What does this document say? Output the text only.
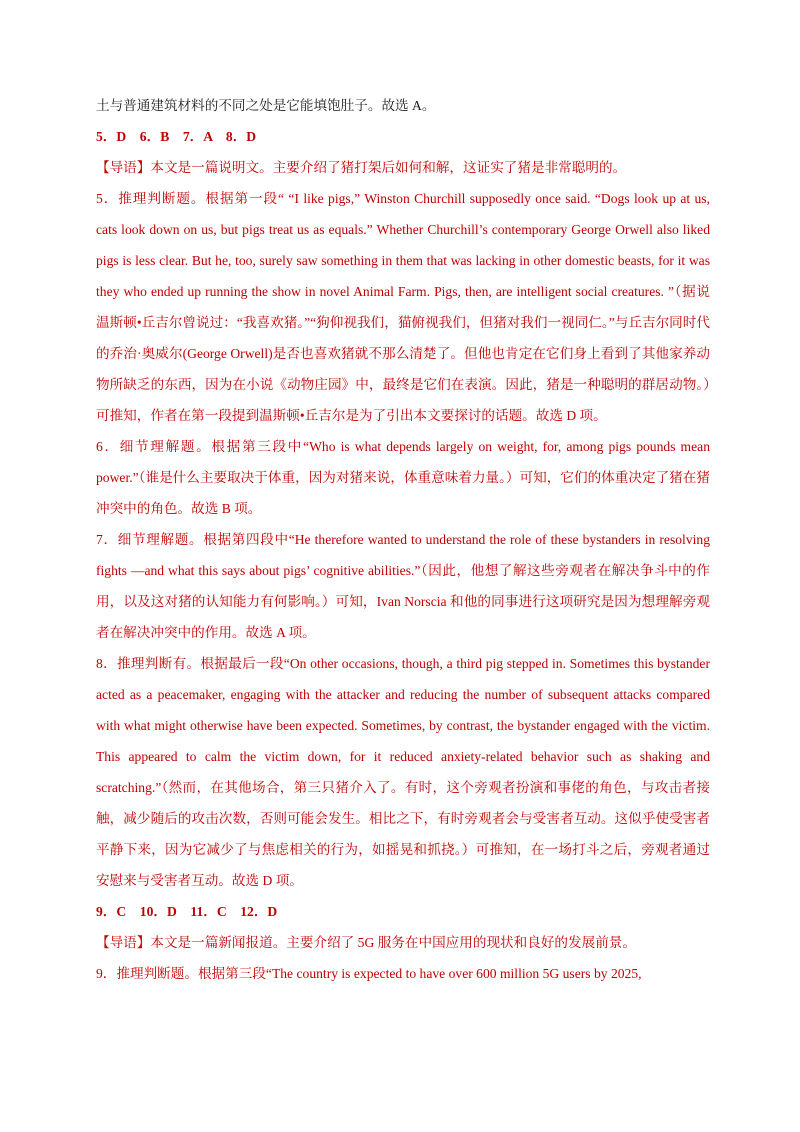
土与普通建筑材料的不同之处是它能填饱肚子。故选 A。

5．D　6．B　7．A　8．D

【导语】本文是一篇说明文。主要介绍了猪打架后如何和解，这证实了猪是非常聪明的。

5．推理判断题。根据第一段“ “I like pigs,” Winston Churchill supposedly once said. “Dogs look up at us, cats look down on us, but pigs treat us as equals.” Whether Churchill’s contemporary George Orwell also liked pigs is less clear. But he, too, surely saw something in them that was lacking in other domestic beasts, for it was they who ended up running the show in novel Animal Farm. Pigs, then, are intelligent social creatures. ”（据说温斯顿•丘吉尔曾说过：“我喜欢猪。”“狗仰视我们，猫俯视我们，但猪对我们一视同仁。”与丘吉尔同时代的乔治·奥威尔(George Orwell)是否也喜欢猪就不那么清楚了。但他也肯定在它们身上看到了其他家养动物所缺乏的东西，因为在小说《动物庄园》中，最终是它们在表演。因此，猪是一种聪明的群居动物。）可推知，作者在第一段提到温斯顿•丘吉尔是为了引出本文要探讨的话题。故选 D 项。

6．细节理解题。根据第三段中“Who is what depends largely on weight, for, among pigs pounds mean power.”（谁是什么主要取决于体重，因为对猪来说，体重意味着力量。）可知，它们的体重决定了猪在猪冲突中的角色。故选 B 项。

7．细节理解题。根据第四段中“He therefore wanted to understand the role of these bystanders in resolving fights —and what this says about pigs’ cognitive abilities.”（因此，他想了解这些旁观者在解决争斗中的作用，以及这对猪的认知能力有何影响。）可知，Ivan Norscia 和他的同事进行这项研究是因为想理解旁观者在解决冲突中的作用。故选 A 项。

8．推理判断有。根据最后一段“On other occasions, though, a third pig stepped in. Sometimes this bystander acted as a peacemaker, engaging with the attacker and reducing the number of subsequent attacks compared with what might otherwise have been expected. Sometimes, by contrast, the bystander engaged with the victim. This appeared to calm the victim down, for it reduced anxiety-related behavior such as shaking and scratching.”（然而，在其他场合，第三只猪介入了。有时，这个旁观者扮演和事佬的角色，与攻击者接触，减少随后的攻击次数，否则可能会发生。相比之下，有时旁观者会与受害者互动。这似乎使受害者平静下来，因为它减少了与焦虑相关的行为，如摇晃和抓挠。）可推知，在一场打斗之后，旁观者通过安慰来与受害者互动。故选 D 项。

9．C　10．D　11．C　12．D

【导语】本文是一篇新闻报道。主要介绍了 5G 服务在中国应用的现状和良好的发展前景。

9．推理判断题。根据第三段“The country is expected to have over 600 million 5G users by 2025,
